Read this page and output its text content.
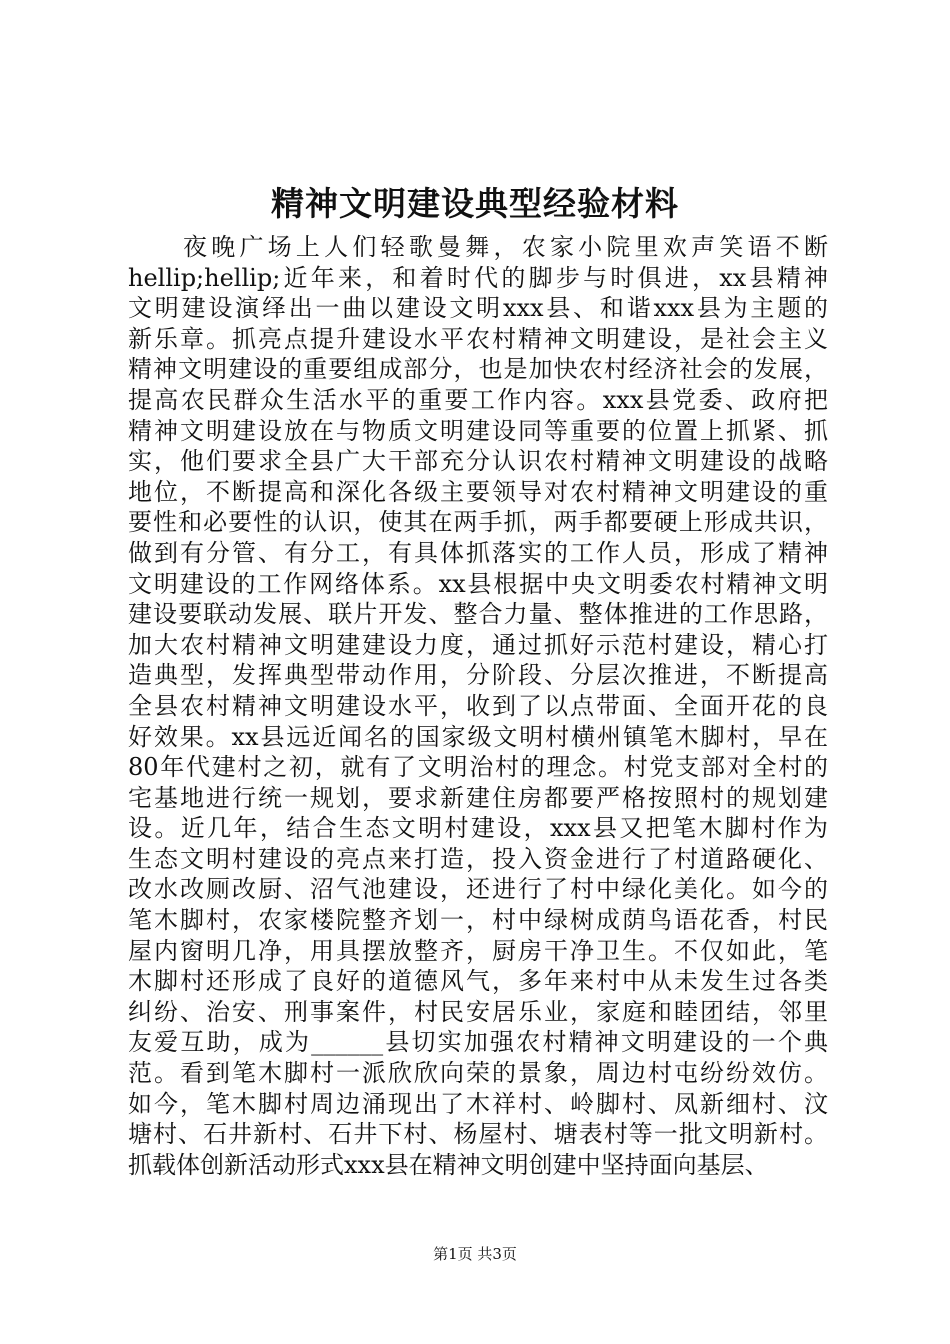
精神文明建设典型经验材料
夜晚广场上人们轻歌曼舞，农家小院里欢声笑语不断
hellip;hellip;近年来，和着时代的脚步与时俱进，xx县精神
文明建设演绎出一曲以建设文明xxx县、和谐xxx县为主题的
新乐章。抓亮点提升建设水平农村精神文明建设，是社会主义
精神文明建设的重要组成部分，也是加快农村经济社会的发展，
提高农民群众生活水平的重要工作内容。xxx县党委、政府把
精神文明建设放在与物质文明建设同等重要的位置上抓紧、抓
实，他们要求全县广大干部充分认识农村精神文明建设的战略
地位，不断提高和深化各级主要领导对农村精神文明建设的重
要性和必要性的认识，使其在两手抓，两手都要硬上形成共识，
做到有分管、有分工，有具体抓落实的工作人员，形成了精神
文明建设的工作网络体系。xx县根据中央文明委农村精神文明
建设要联动发展、联片开发、整合力量、整体推进的工作思路，
加大农村精神文明建建设力度，通过抓好示范村建设，精心打
造典型，发挥典型带动作用，分阶段、分层次推进，不断提高
全县农村精神文明建设水平，收到了以点带面、全面开花的良
好效果。xx县远近闻名的国家级文明村横州镇笔木脚村，早在
80年代建村之初，就有了文明治村的理念。村党支部对全村的
宅基地进行统一规划，要求新建住房都要严格按照村的规划建
设。近几年，结合生态文明村建设，xxx县又把笔木脚村作为
生态文明村建设的亮点来打造，投入资金进行了村道路硬化、
改水改厕改厨、沼气池建设，还进行了村中绿化美化。如今的
笔木脚村，农家楼院整齐划一，村中绿树成荫鸟语花香，村民
屋内窗明几净，用具摆放整齐，厨房干净卫生。不仅如此，笔
木脚村还形成了良好的道德风气，多年来村中从未发生过各类
纠纷、治安、刑事案件，村民安居乐业，家庭和睦团结，邻里
友爱互助，成为______县切实加强农村精神文明建设的一个典
范。看到笔木脚村一派欣欣向荣的景象，周边村屯纷纷效仿。
如今，笔木脚村周边涌现出了木祥村、岭脚村、凤新细村、汶
塘村、石井新村、石井下村、杨屋村、塘表村等一批文明新村。
抓载体创新活动形式xxx县在精神文明创建中坚持面向基层、
第1页 共3页
